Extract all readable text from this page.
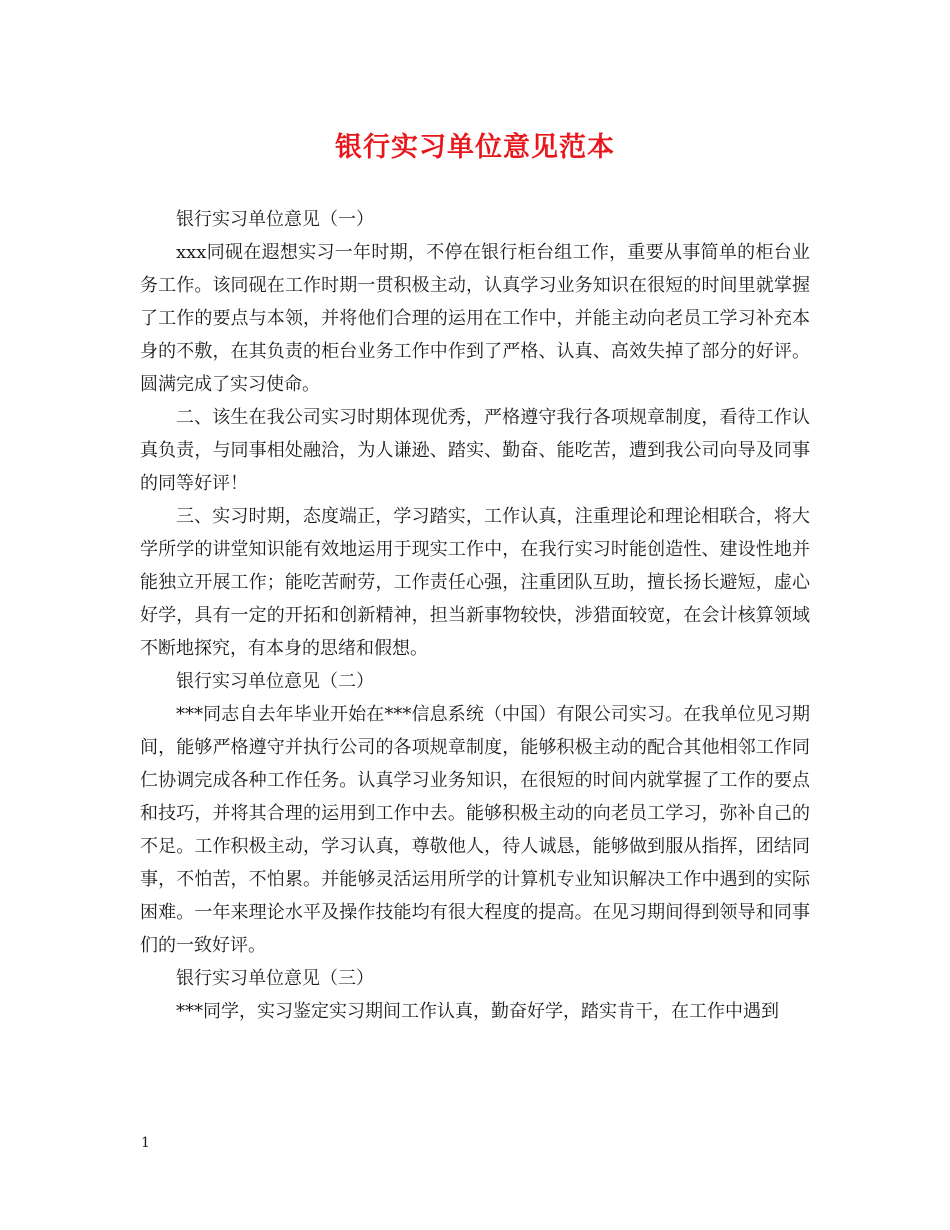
银行实习单位意见范本

银行实习单位意见（一）

xxx同砚在遐想实习一年时期，不停在银行柜台组工作，重要从事简单的柜台业务工作。该同砚在工作时期一贯积极主动，认真学习业务知识在很短的时间里就掌握 了工作的要点与本领，并将他们合理的运用在工作中，并能主动向老员工学习补充本身的不敷，在其负责的柜台业务工作中作到了严格、认真、高效失掉了部分的好评。圆满完成了实习使命。

二、该生在我公司实习时期体现优秀，严格遵守我行各项规章制度，看待工作认真负责，与同事相处融洽，为人谦逊、踏实、勤奋、能吃苦，遭到我公司向导及同事的同等好评！

三、实习时期，态度端正，学习踏实，工作认真，注重理论和理论相联合，将大学所学的讲堂知识能有效地运用于现实工作中，在我行实习时能创造性、建设性地并能独立开展工作；能吃苦耐劳，工作责任心强，注重团队互助，擅长扬长避短，虚心好学，具有一定的开拓和创新精神，担当新事物较快，涉猎面较宽，在会计核算领域不断地探究，有本身的思绪和假想。

银行实习单位意见（二）

***同志自去年毕业开始在***信息系统（中国）有限公司实习。在我单位见习期间，能够严格遵守并执行公司的各项规章制度，能够积极主动的配合其他相邻工作同仁协调完成各种工作任务。认真学习业务知识，在很短的时间内就掌握了工作的要点和技巧，并将其合理的运用到工作中去。能够积极主动的向老员工学习，弥补自己的不足。工作积极主动，学习认真，尊敬他人，待人诚恳，能够做到服从指挥，团结同事，不怕苦，不怕累。并能够灵活运用所学的计算机专业知识解决工作中遇到的实际困难。一年来理论水平及操作技能均有很大程度的提高。在见习期间得到领导和同事们的一致好评。

银行实习单位意见（三）

***同学，实习鉴定实习期间工作认真，勤奋好学，踏实肯干，在工作中遇到

1
